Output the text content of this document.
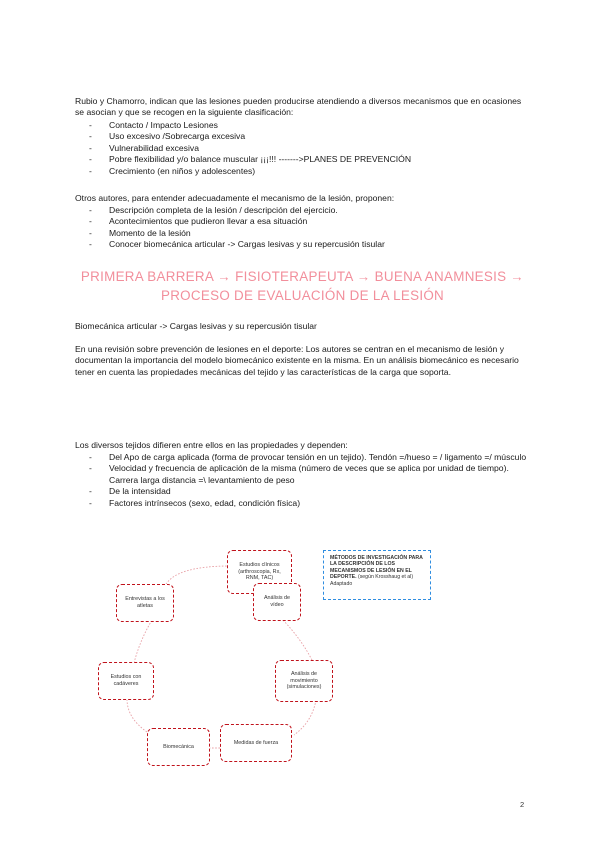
Rubio y Chamorro, indican que las lesiones pueden producirse atendiendo a diversos mecanismos que en ocasiones se asocian y que se recogen en la siguiente clasificación:

- Contacto / Impacto Lesiones
- Uso excesivo /Sobrecarga excesiva
- Vulnerabilidad excesiva
- Pobre flexibilidad y/o balance muscular ¡¡¡!!! ------->PLANES DE PREVENCIÓN
- Crecimiento (en niños y adolescentes)

Otros autores, para entender adecuadamente el mecanismo de la lesión, proponen:

- Descripción completa de la lesión / descripción del ejercicio.
- Acontecimientos que pudieron llevar a esa situación
- Momento de la lesión
- Conocer biomecánica articular -> Cargas lesivas y su repercusión tisular
PRIMERA BARRERA → FISIOTERAPEUTA → BUENA ANAMNESIS →
PROCESO DE EVALUACIÓN DE LA LESIÓN

Biomecánica articular -> Cargas lesivas y su repercusión tisular

En una revisión sobre prevención de lesiones en el deporte: Los autores se centran en el mecanismo de lesión y documentan la importancia del modelo biomecánico existente en la misma. En un análisis biomecánico es necesario tener en cuenta las propiedades mecánicas del tejido y las características de la carga que soporta.

Los diversos tejidos difieren entre ellos en las propiedades y dependen:

- Del Apo de carga aplicada (forma de provocar tensión en un tejido). Tendón =/hueso = / ligamento =/ músculo
- Velocidad y frecuencia de aplicación de la misma (número de veces que se aplica por unidad de tiempo). Carrera larga distancia =\ levantamiento de peso
- De la intensidad
- Factores intrínsecos (sexo, edad, condición física)
Estudios clínicos (arthroscopia, Rx, RNM, TAC)
Análisis de vídeo
Análisis de movimiento (simulaciones)
Medidas de fuerza
Biomecánica
Estudios con cadáveres
Entrevistas a los atletas
MÉTODOS DE INVESTIGACIÓN PARA LA DESCRIPCIÓN DE LOS MECANISMOS DE LESIÓN EN EL DEPORTE. (según Krosshaug et al) Adaptado
2
